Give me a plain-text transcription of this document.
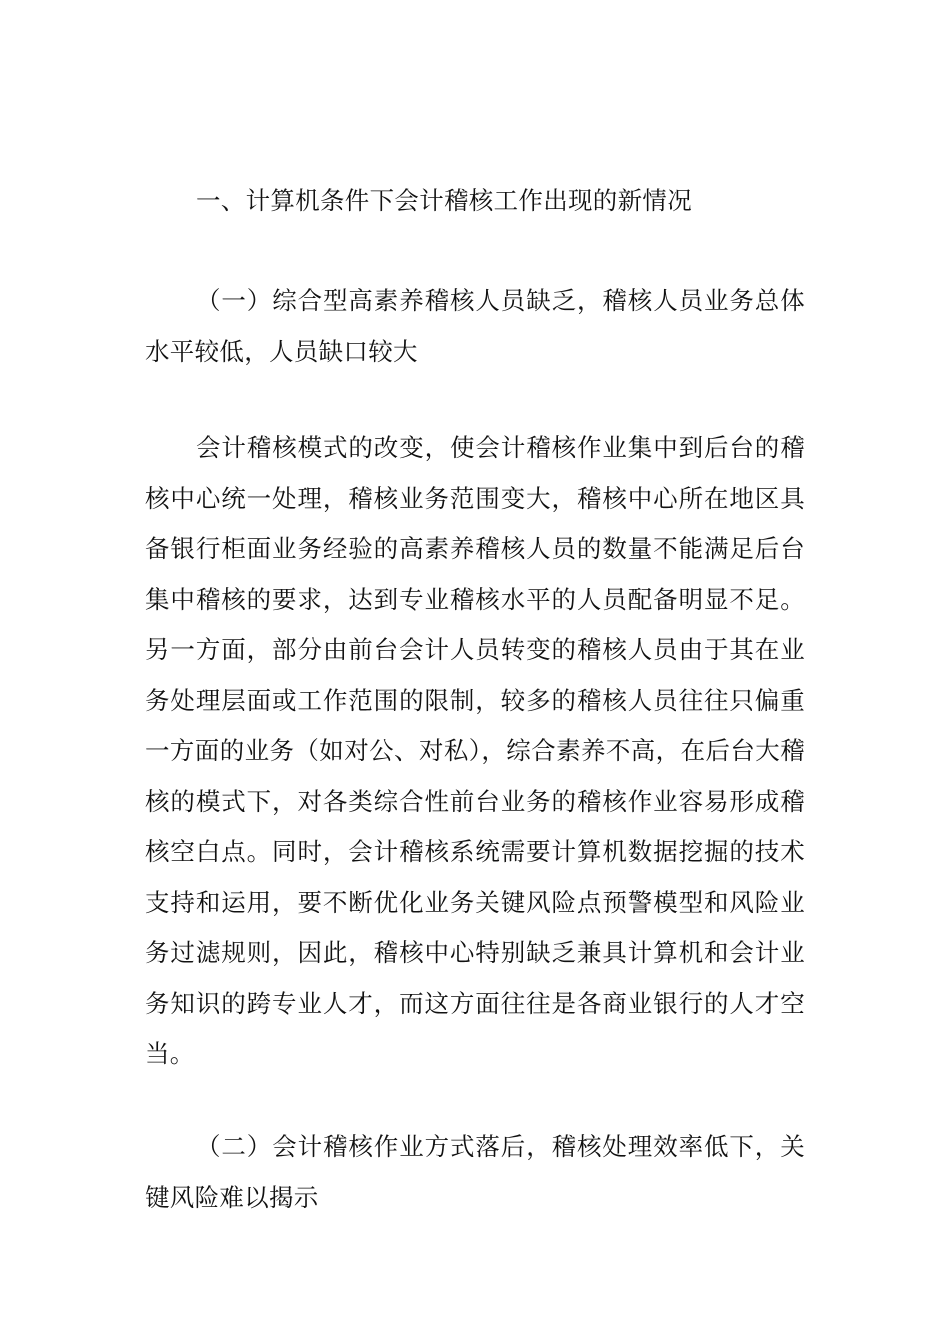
一、计算机条件下会计稽核工作出现的新情况

（一）综合型高素养稽核人员缺乏，稽核人员业务总体水平较低，人员缺口较大

会计稽核模式的改变，使会计稽核作业集中到后台的稽核中心统一处理，稽核业务范围变大，稽核中心所在地区具备银行柜面业务经验的高素养稽核人员的数量不能满足后台集中稽核的要求，达到专业稽核水平的人员配备明显不足。另一方面，部分由前台会计人员转变的稽核人员由于其在业务处理层面或工作范围的限制，较多的稽核人员往往只偏重一方面的业务（如对公、对私），综合素养不高，在后台大稽核的模式下，对各类综合性前台业务的稽核作业容易形成稽核空白点。同时，会计稽核系统需要计算机数据挖掘的技术支持和运用，要不断优化业务关键风险点预警模型和风险业务过滤规则，因此，稽核中心特别缺乏兼具计算机和会计业务知识的跨专业人才，而这方面往往是各商业银行的人才空当。

（二）会计稽核作业方式落后，稽核处理效率低下，关键风险难以揭示
